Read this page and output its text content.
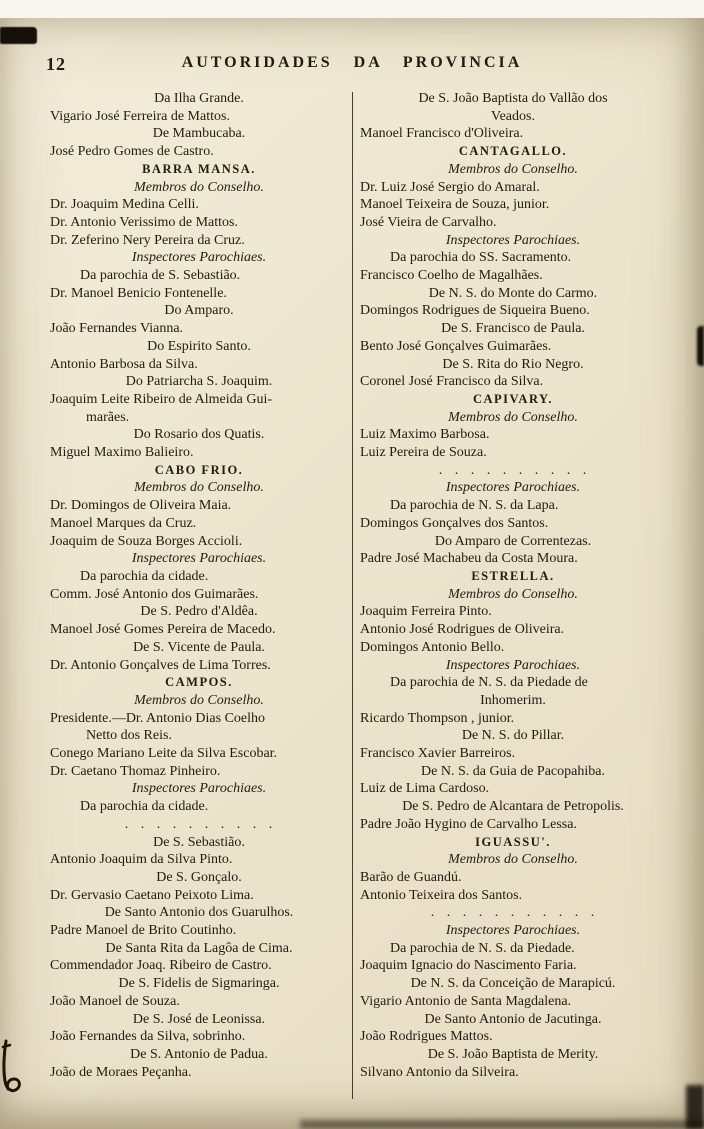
12	AUTORIDADES DA PROVINCIA
Da Ilha Grande.
Vigario José Ferreira de Mattos.
De Mambucaba.
José Pedro Gomes de Castro.
BARRA MANSA.
Membros do Conselho.
Dr. Joaquim Medina Celli.
Dr. Antonio Verissimo de Mattos.
Dr. Zeferino Nery Pereira da Cruz.
Inspectores Parochiaes.
Da parochia de S. Sebastião.
Dr. Manoel Benicio Fontenelle.
Do Amparo.
João Fernandes Vianna.
Do Espirito Santo.
Antonio Barbosa da Silva.
Do Patriarcha S. Joaquim.
Joaquim Leite Ribeiro de Almeida Gui-
marães.
Do Rosario dos Quatis.
Miguel Maximo Balieiro.
CABO FRIO.
Membros do Conselho.
Dr. Domingos de Oliveira Maia.
Manoel Marques da Cruz.
Joaquim de Souza Borges Accioli.
Inspectores Parochiaes.
Da parochia da cidade.
Comm. José Antonio dos Guimarães.
De S. Pedro d'Aldêa.
Manoel José Gomes Pereira de Macedo.
De S. Vicente de Paula.
Dr. Antonio Gonçalves de Lima Torres.
CAMPOS.
Membros do Conselho.
Presidente.—Dr. Antonio Dias Coelho
Netto dos Reis.
Conego Mariano Leite da Silva Escobar.
Dr. Caetano Thomaz Pinheiro.
Inspectores Parochiaes.
Da parochia da cidade.
. . . . . . . . . .
De S. Sebastião.
Antonio Joaquim da Silva Pinto.
De S. Gonçalo.
Dr. Gervasio Caetano Peixoto Lima.
De Santo Antonio dos Guarulhos.
Padre Manoel de Brito Coutinho.
De Santa Rita da Lagôa de Cima.
Commendador Joaq. Ribeiro de Castro.
De S. Fidelis de Sigmaringa.
João Manoel de Souza.
De S. José de Leonissa.
João Fernandes da Silva, sobrinho.
De S. Antonio de Padua.
João de Moraes Peçanha.
De S. João Baptista do Vallão dos
Veados.
Manoel Francisco d'Oliveira.
CANTAGALLO.
Membros do Conselho.
Dr. Luiz José Sergio do Amaral.
Manoel Teixeira de Souza, junior.
José Vieira de Carvalho.
Inspectores Parochiaes.
Da parochia do SS. Sacramento.
Francisco Coelho de Magalhães.
De N. S. do Monte do Carmo.
Domingos Rodrigues de Siqueira Bueno.
De S. Francisco de Paula.
Bento José Gonçalves Guimarães.
De S. Rita do Rio Negro.
Coronel José Francisco da Silva.
CAPIVARY.
Membros do Conselho.
Luiz Maximo Barbosa.
Luiz Pereira de Souza.
. . . . . . . . . .
Inspectores Parochiaes.
Da parochia de N. S. da Lapa.
Domingos Gonçalves dos Santos.
Do Amparo de Correntezas.
Padre José Machabeu da Costa Moura.
ESTRELLA.
Membros do Conselho.
Joaquim Ferreira Pinto.
Antonio José Rodrigues de Oliveira.
Domingos Antonio Bello.
Inspectores Parochiaes.
Da parochia de N. S. da Piedade de
Inhomerim.
Ricardo Thompson , junior.
De N. S. do Pillar.
Francisco Xavier Barreiros.
De N. S. da Guia de Pacopahiba.
Luiz de Lima Cardoso.
De S. Pedro de Alcantara de Petropolis.
Padre João Hygino de Carvalho Lessa.
IGUASSU'.
Membros do Conselho.
Barão de Guandú.
Antonio Teixeira dos Santos.
. . . . . . . . . . .
Inspectores Parochiaes.
Da parochia de N. S. da Piedade.
Joaquim Ignacio do Nascimento Faria.
De N. S. da Conceição de Marapicú.
Vigario Antonio de Santa Magdalena.
De Santo Antonio de Jacutinga.
João Rodrigues Mattos.
De S. João Baptista de Merity.
Silvano Antonio da Silveira.
